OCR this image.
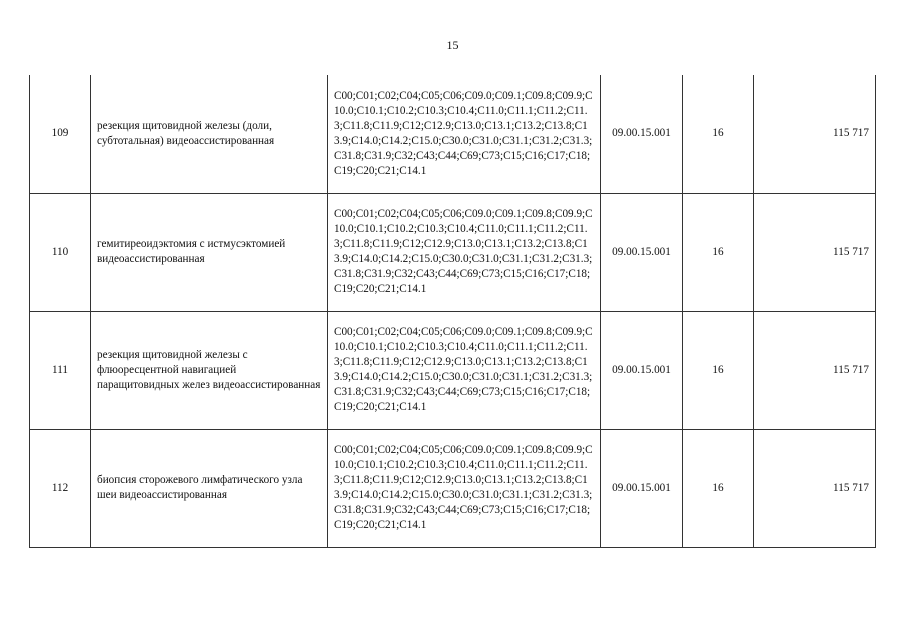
15
109	резекция щитовидной железы (доли, субтотальная) видеоассистированная	C00;C01;C02;C04;C05;C06;C09.0;C09.1;C09.8;C09.9;C10.0;C10.1;C10.2;C10.3;C10.4;C11.0;C11.1;C11.2;C11.3;C11.8;C11.9;C12;C12.9;C13.0;C13.1;C13.2;C13.8;C13.9;C14.0;C14.2;C15.0;C30.0;C31.0;C31.1;C31.2;C31.3;C31.8;C31.9;C32;C43;C44;C69;C73;C15;C16;C17;C18;C19;C20;C21;C14.1	09.00.15.001	16	115 717
110	гемитиреоидэктомия с истмусэктомией видеоассистированная	C00;C01;C02;C04;C05;C06;C09.0;C09.1;C09.8;C09.9;C10.0;C10.1;C10.2;C10.3;C10.4;C11.0;C11.1;C11.2;C11.3;C11.8;C11.9;C12;C12.9;C13.0;C13.1;C13.2;C13.8;C13.9;C14.0;C14.2;C15.0;C30.0;C31.0;C31.1;C31.2;C31.3;C31.8;C31.9;C32;C43;C44;C69;C73;C15;C16;C17;C18;C19;C20;C21;C14.1	09.00.15.001	16	115 717
111	резекция щитовидной железы с флюоресцентной навигацией паращитовидных желез видеоассистированная	C00;C01;C02;C04;C05;C06;C09.0;C09.1;C09.8;C09.9;C10.0;C10.1;C10.2;C10.3;C10.4;C11.0;C11.1;C11.2;C11.3;C11.8;C11.9;C12;C12.9;C13.0;C13.1;C13.2;C13.8;C13.9;C14.0;C14.2;C15.0;C30.0;C31.0;C31.1;C31.2;C31.3;C31.8;C31.9;C32;C43;C44;C69;C73;C15;C16;C17;C18;C19;C20;C21;C14.1	09.00.15.001	16	115 717
112	биопсия сторожевого лимфатического узла шеи видеоассистированная	C00;C01;C02;C04;C05;C06;C09.0;C09.1;C09.8;C09.9;C10.0;C10.1;C10.2;C10.3;C10.4;C11.0;C11.1;C11.2;C11.3;C11.8;C11.9;C12;C12.9;C13.0;C13.1;C13.2;C13.8;C13.9;C14.0;C14.2;C15.0;C30.0;C31.0;C31.1;C31.2;C31.3;C31.8;C31.9;C32;C43;C44;C69;C73;C15;C16;C17;C18;C19;C20;C21;C14.1	09.00.15.001	16	115 717
